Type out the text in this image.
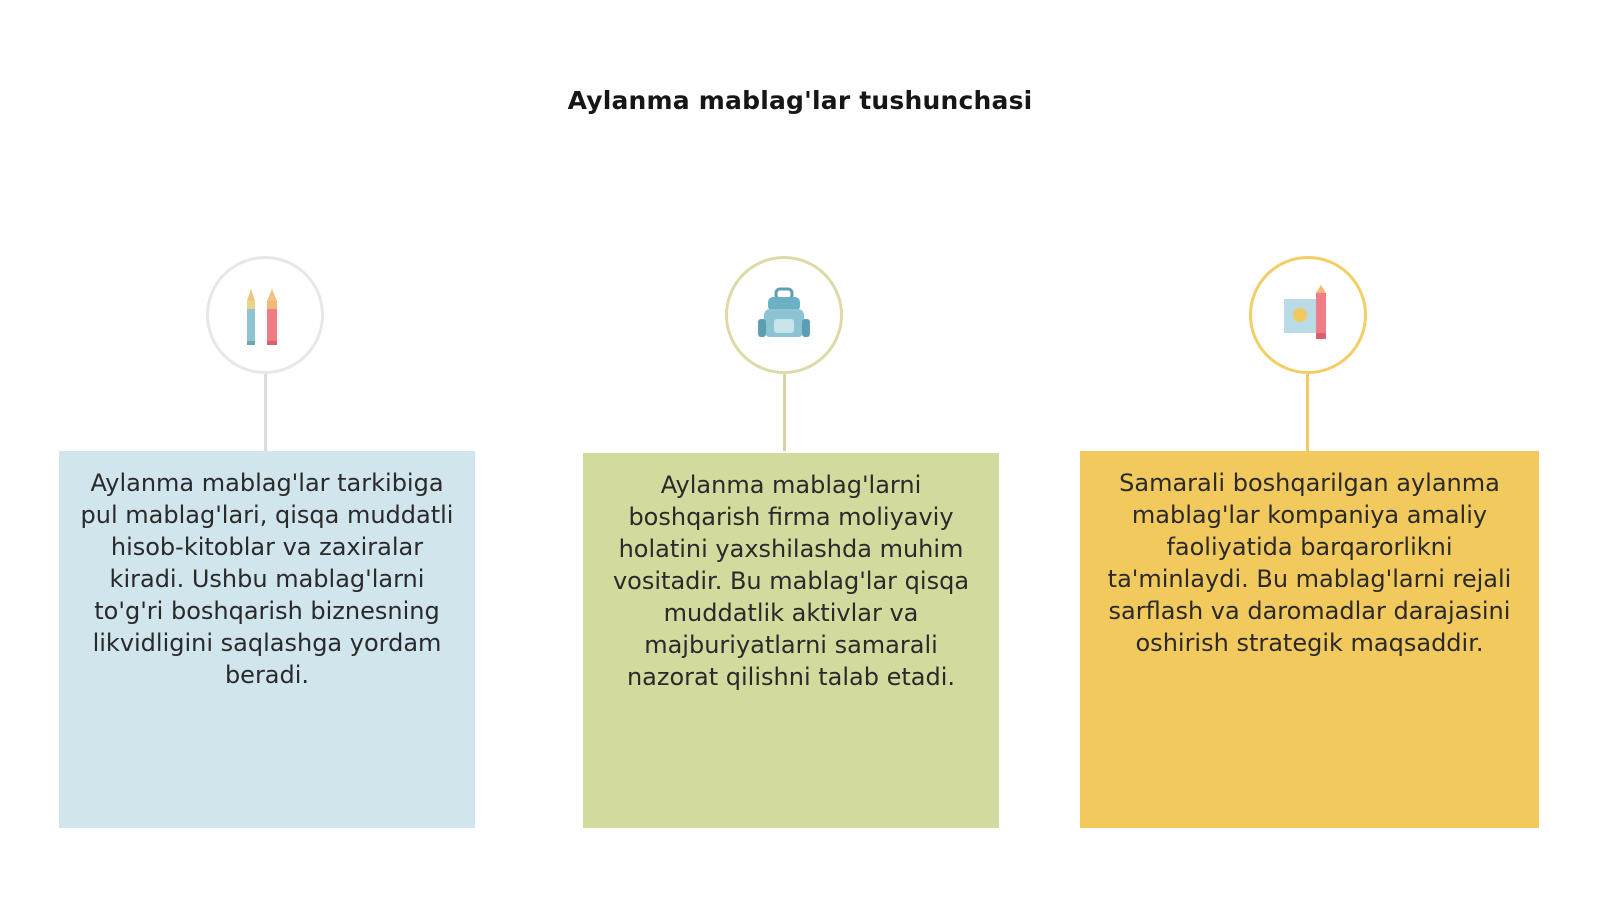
Aylanma mablag'lar tushunchasi
Aylanma mablag'lar tarkibiga pul mablag'lari, qisqa muddatli hisob-kitoblar va zaxiralar kiradi. Ushbu mablag'larni to'g'ri boshqarish biznesning likvidligini saqlashga yordam beradi.
Aylanma mablag'larni boshqarish firma moliyaviy holatini yaxshilashda muhim vositadir. Bu mablag'lar qisqa muddatlik aktivlar va majburiyatlarni samarali nazorat qilishni talab etadi.
Samarali boshqarilgan aylanma mablag'lar kompaniya amaliy faoliyatida barqarorlikni ta'minlaydi. Bu mablag'larni rejali sarflash va daromadlar darajasini oshirish strategik maqsaddir.
